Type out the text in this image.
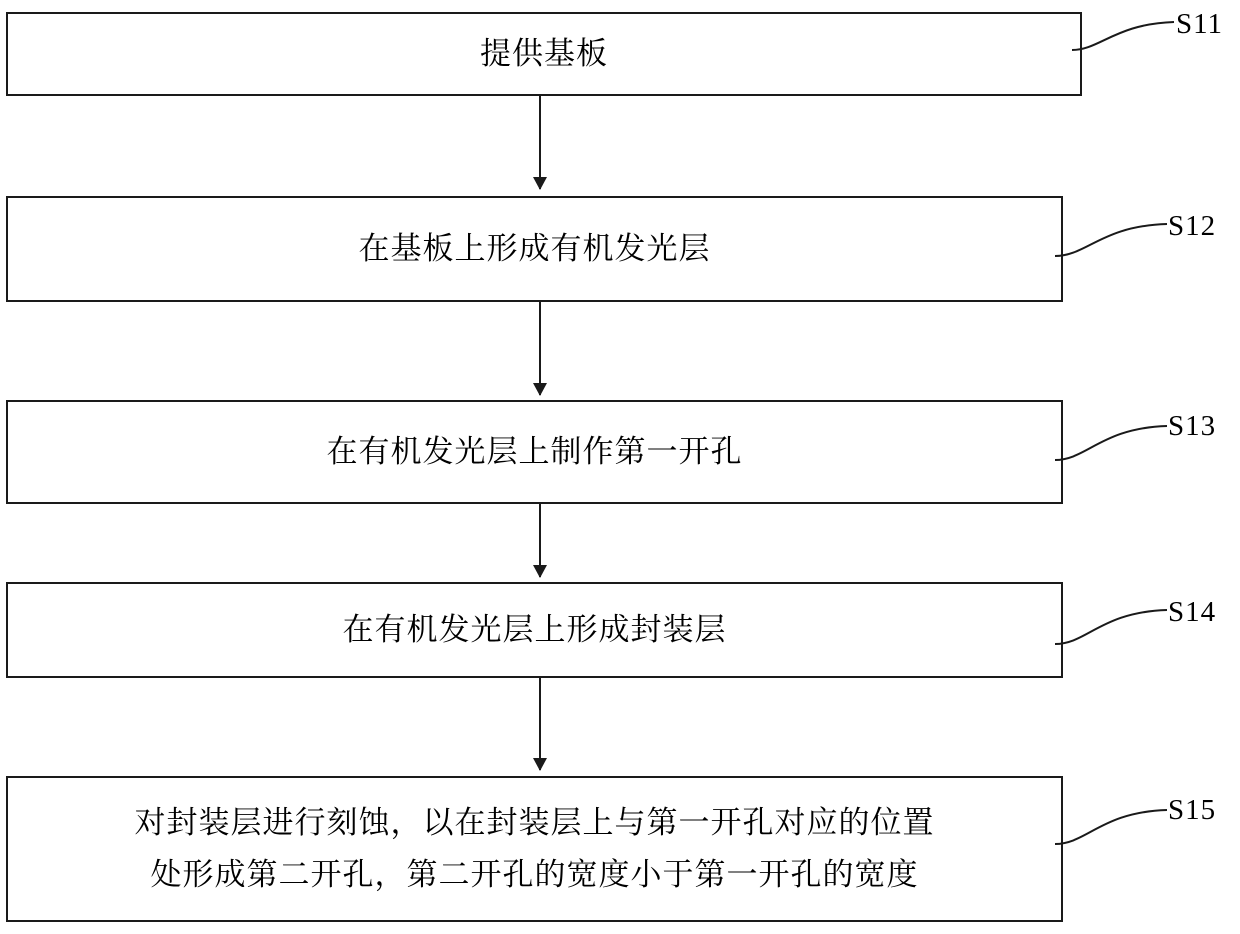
提供基板
S11
在基板上形成有机发光层
S12
在有机发光层上制作第一开孔
S13
在有机发光层上形成封装层	S14
对封装层进行刻蚀，以在封装层上与第一开孔对应的位置
处形成第二开孔，第二开孔的宽度小于第一开孔的宽度
S15
